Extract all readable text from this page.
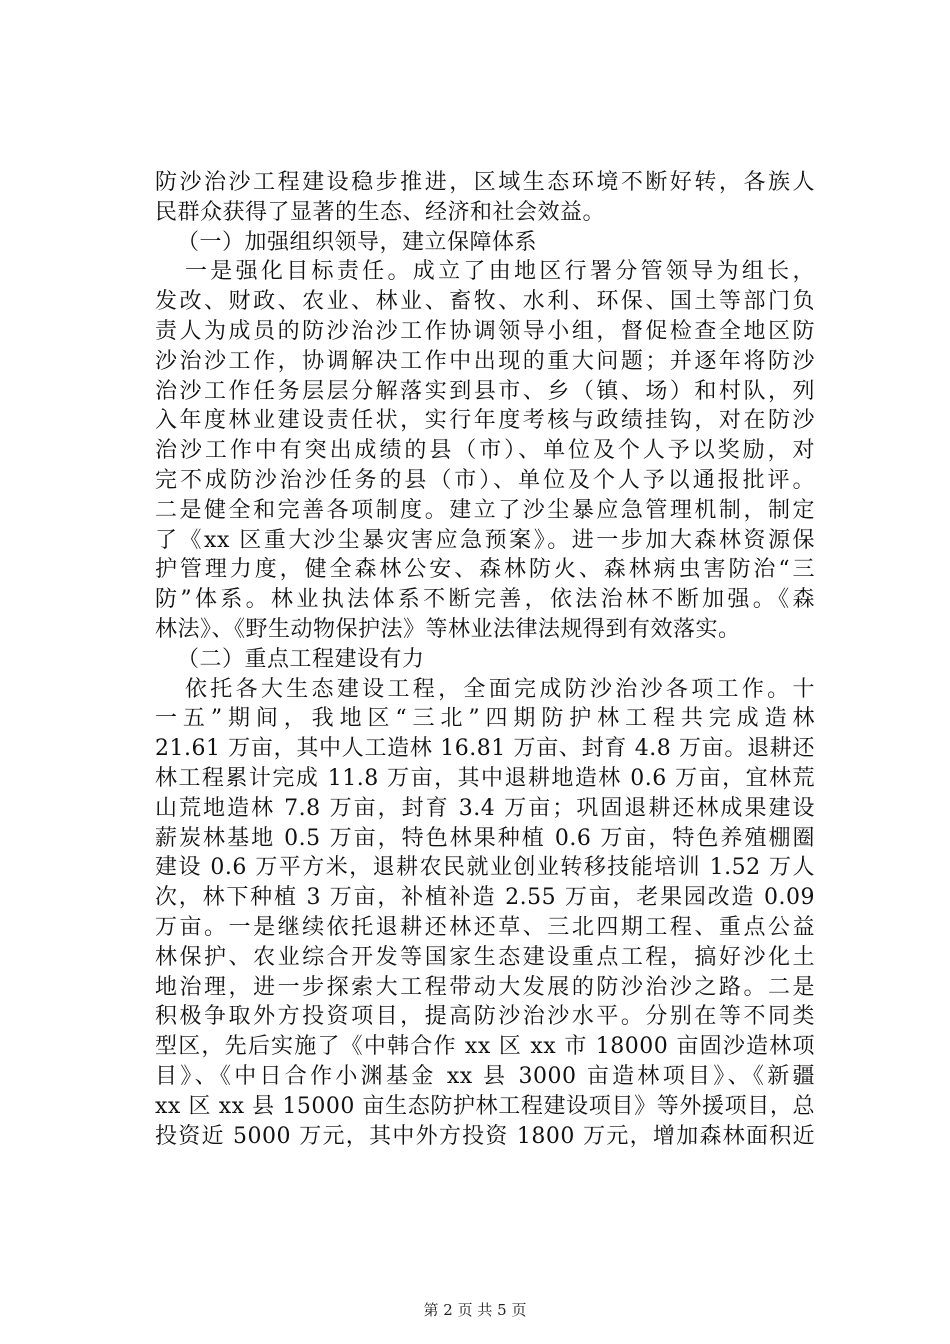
防沙治沙工程建设稳步推进，区域生态环境不断好转，各族人
民群众获得了显著的生态、经济和社会效益。
（一）加强组织领导，建立保障体系
一是强化目标责任。成立了由地区行署分管领导为组长，
发改、财政、农业、林业、畜牧、水利、环保、国土等部门负
责人为成员的防沙治沙工作协调领导小组，督促检查全地区防
沙治沙工作，协调解决工作中出现的重大问题；并逐年将防沙
治沙工作任务层层分解落实到县市、乡（镇、场）和村队，列
入年度林业建设责任状，实行年度考核与政绩挂钩，对在防沙
治沙工作中有突出成绩的县（市）、单位及个人予以奖励，对
完不成防沙治沙任务的县（市）、单位及个人予以通报批评。
二是健全和完善各项制度。建立了沙尘暴应急管理机制，制定
了《xx 区重大沙尘暴灾害应急预案》。进一步加大森林资源保
护管理力度，健全森林公安、森林防火、森林病虫害防治“三
防”体系。林业执法体系不断完善，依法治林不断加强。《森
林法》、《野生动物保护法》等林业法律法规得到有效落实。
（二）重点工程建设有力
依托各大生态建设工程，全面完成防沙治沙各项工作。十
一五”期间，我地区“三北”四期防护林工程共完成造林
21.61 万亩，其中人工造林 16.81 万亩、封育 4.8 万亩。退耕还
林工程累计完成 11.8 万亩，其中退耕地造林 0.6 万亩，宜林荒
山荒地造林 7.8 万亩，封育 3.4 万亩；巩固退耕还林成果建设
薪炭林基地 0.5 万亩，特色林果种植 0.6 万亩，特色养殖棚圈
建设 0.6 万平方米，退耕农民就业创业转移技能培训 1.52 万人
次，林下种植 3 万亩，补植补造 2.55 万亩，老果园改造 0.09
万亩。一是继续依托退耕还林还草、三北四期工程、重点公益
林保护、农业综合开发等国家生态建设重点工程，搞好沙化土
地治理，进一步探索大工程带动大发展的防沙治沙之路。二是
积极争取外方投资项目，提高防沙治沙水平。分别在等不同类
型区，先后实施了《中韩合作 xx 区 xx 市 18000 亩固沙造林项
目》、《中日合作小渊基金 xx 县 3000 亩造林项目》、《新疆
xx 区 xx 县 15000 亩生态防护林工程建设项目》等外援项目，总
投资近 5000 万元，其中外方投资 1800 万元，增加森林面积近
第 2 页 共 5 页
